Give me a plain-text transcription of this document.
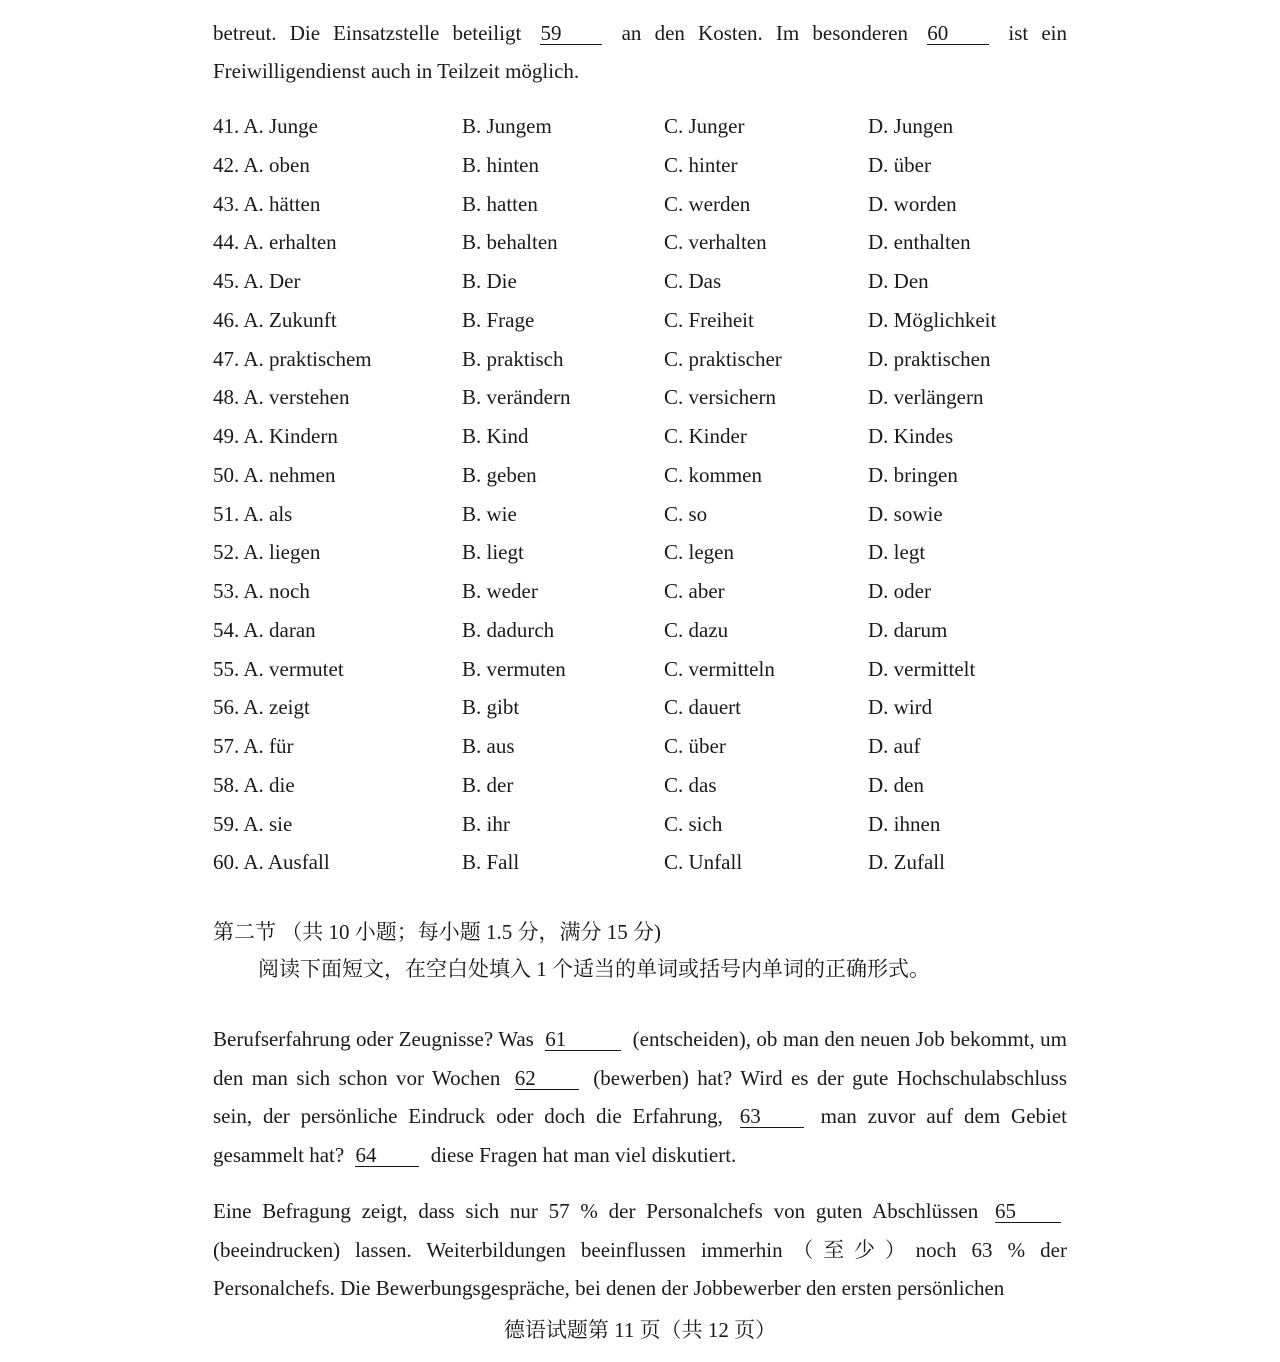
betreut. Die Einsatzstelle beteiligt 59	an den Kosten. Im besonderen 60	ist ein
Freiwilligendienst auch in Teilzeit möglich.
41. A. Junge	B. Jungem	C. Junger	D. Jungen
42. A. oben	B. hinten	C. hinter	D. über
43. A. hätten	B. hatten	C. werden	D. worden
44. A. erhalten	B. behalten	C. verhalten	D. enthalten
45. A. Der	B. Die	C. Das	D. Den
46. A. Zukunft	B. Frage	C. Freiheit	D. Möglichkeit
47. A. praktischem	B. praktisch	C. praktischer	D. praktischen
48. A. verstehen	B. verändern	C. versichern	D. verlängern
49. A. Kindern	B. Kind	C. Kinder	D. Kindes
50. A. nehmen	B. geben	C. kommen	D. bringen
51. A. als	B. wie	C. so	D. sowie
52. A. liegen	B. liegt	C. legen	D. legt
53. A. noch	B. weder	C. aber	D. oder
54. A. daran	B. dadurch	C. dazu	D. darum
55. A. vermutet	B. vermuten	C. vermitteln	D. vermittelt
56. A. zeigt	B. gibt	C. dauert	D. wird
57. A. für	B. aus	C. über	D. auf
58. A. die	B. der	C. das	D. den
59. A. sie	B. ihr	C. sich	D. ihnen
60. A. Ausfall	B. Fall	C. Unfall	D. Zufall
第二节 （共 10 小题；每小题 1.5 分，满分 15 分)
阅读下面短文，在空白处填入 1 个适当的单词或括号内单词的正确形式。
Berufserfahrung oder Zeugnisse? Was 61	(entscheiden), ob man den neuen Job bekommt, um den man sich schon vor Wochen 62	(bewerben) hat? Wird es der gute Hochschulabschluss sein, der persönliche Eindruck oder doch die Erfahrung, 63	man zuvor auf dem Gebiet gesammelt hat? 64	diese Fragen hat man viel diskutiert.
Eine Befragung zeigt, dass sich nur 57 % der Personalchefs von guten Abschlüssen 65 (beeindrucken) lassen. Weiterbildungen beeinflussen immerhin（至少）noch 63 % der Personalchefs. Die Bewerbungsgespräche, bei denen der Jobbewerber den ersten persönlichen
德语试题第 11 页（共 12 页）
